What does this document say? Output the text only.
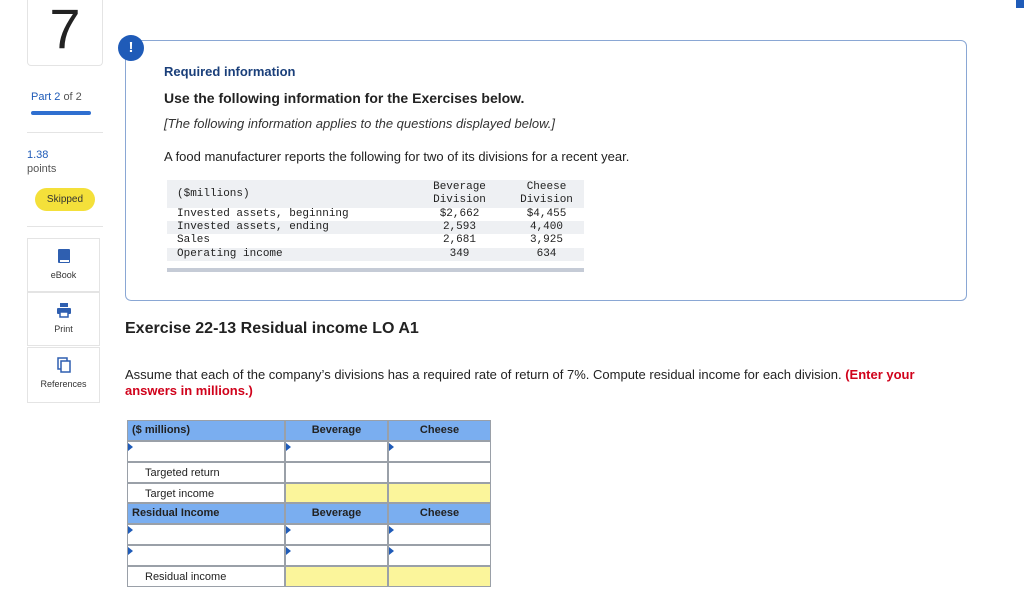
7
Part 2 of 2
1.38
points
Skipped
eBook
Print
References
!
Required information
Use the following information for the Exercises below.
[The following information applies to the questions displayed below.]
A food manufacturer reports the following for two of its divisions for a recent year.
($millions)
Beverage
Division
Cheese
Division
Invested assets, beginning	$2,662	$4,455
Invested assets, ending	2,593	4,400
Sales	2,681	3,925
Operating income	349	634
Exercise 22-13 Residual income LO A1
Assume that each of the company’s divisions has a required rate of return of 7%. Compute residual income for each division. (Enter your answers in millions.)
($ millions)	Beverage	Cheese
Targeted return
Target income
Residual Income	Beverage	Cheese
Residual income
